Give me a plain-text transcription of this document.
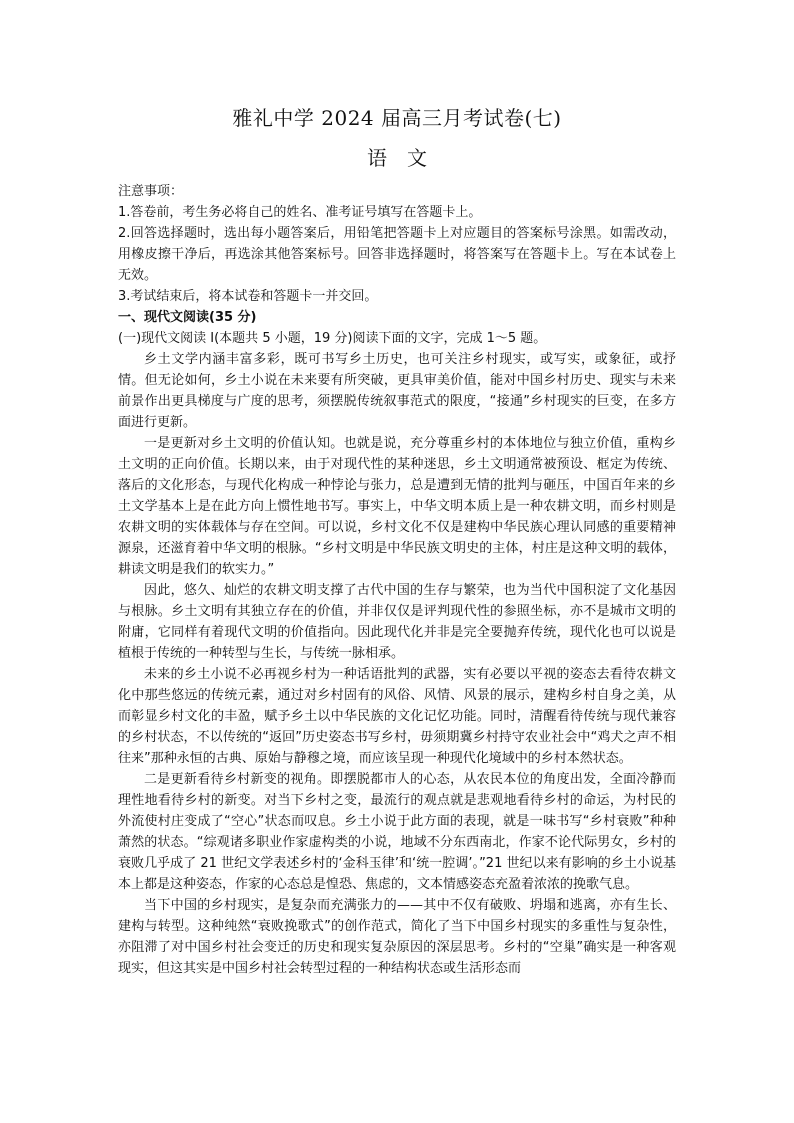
雅礼中学 2024 届高三月考试卷(七)
语　文

注意事项：

1.答卷前，考生务必将自己的姓名、准考证号填写在答题卡上。

2.回答选择题时，选出每小题答案后，用铅笔把答题卡上对应题目的答案标号涂黑。如需改动，用橡皮擦干净后，再选涂其他答案标号。回答非选择题时，将答案写在答题卡上。写在本试卷上无效。

3.考试结束后，将本试卷和答题卡一并交回。

一、现代文阅读(35 分)

(一)现代文阅读 I(本题共 5 小题，19 分)阅读下面的文字，完成 1～5 题。

乡土文学内涵丰富多彩，既可书写乡土历史，也可关注乡村现实，或写实，或象征，或抒情。但无论如何，乡土小说在未来要有所突破，更具审美价值，能对中国乡村历史、现实与未来前景作出更具梯度与广度的思考，须摆脱传统叙事范式的限度，“接通”乡村现实的巨变，在多方面进行更新。

一是更新对乡土文明的价值认知。也就是说，充分尊重乡村的本体地位与独立价值，重构乡土文明的正向价值。长期以来，由于对现代性的某种迷思，乡土文明通常被预设、框定为传统、落后的文化形态，与现代化构成一种悖论与张力，总是遭到无情的批判与砸压，中国百年来的乡土文学基本上是在此方向上惯性地书写。事实上，中华文明本质上是一种农耕文明，而乡村则是农耕文明的实体载体与存在空间。可以说，乡村文化不仅是建构中华民族心理认同感的重要精神源泉，还滋育着中华文明的根脉。“乡村文明是中华民族文明史的主体，村庄是这种文明的载体，耕读文明是我们的软实力。”

因此，悠久、灿烂的农耕文明支撑了古代中国的生存与繁荣，也为当代中国积淀了文化基因与根脉。乡土文明有其独立存在的价值，并非仅仅是评判现代性的参照坐标，亦不是城市文明的附庸，它同样有着现代文明的价值指向。因此现代化并非是完全要抛弃传统，现代化也可以说是植根于传统的一种转型与生长，与传统一脉相承。

未来的乡土小说不必再视乡村为一种话语批判的武器，实有必要以平视的姿态去看待农耕文化中那些悠远的传统元素，通过对乡村固有的风俗、风情、风景的展示，建构乡村自身之美，从而彰显乡村文化的丰盈，赋予乡土以中华民族的文化记忆功能。同时，清醒看待传统与现代兼容的乡村状态，不以传统的“返回”历史姿态书写乡村，毋须期冀乡村持守农业社会中“鸡犬之声不相往来”那种永恒的古典、原始与静穆之境，而应该呈现一种现代化境域中的乡村本然状态。

二是更新看待乡村新变的视角。即摆脱都市人的心态，从农民本位的角度出发，全面冷静而理性地看待乡村的新变。对当下乡村之变，最流行的观点就是悲观地看待乡村的命运，为村民的外流使村庄变成了“空心”状态而叹息。乡土小说于此方面的表现，就是一味书写“乡村衰败”种种萧然的状态。“综观诸多职业作家虚构类的小说，地域不分东西南北，作家不论代际男女，乡村的衰败几乎成了 21 世纪文学表述乡村的‘金科玉律’和‘统一腔调’。”21 世纪以来有影响的乡土小说基本上都是这种姿态，作家的心态总是惶恐、焦虑的，文本情感姿态充盈着浓浓的挽歌气息。

当下中国的乡村现实，是复杂而充满张力的——其中不仅有破败、坍塌和逃离，亦有生长、建构与转型。这种纯然“衰败挽歌式”的创作范式，简化了当下中国乡村现实的多重性与复杂性，亦阻滞了对中国乡村社会变迁的历史和现实复杂原因的深层思考。乡村的“空巢”确实是一种客观现实，但这其实是中国乡村社会转型过程的一种结构状态或生活形态而
